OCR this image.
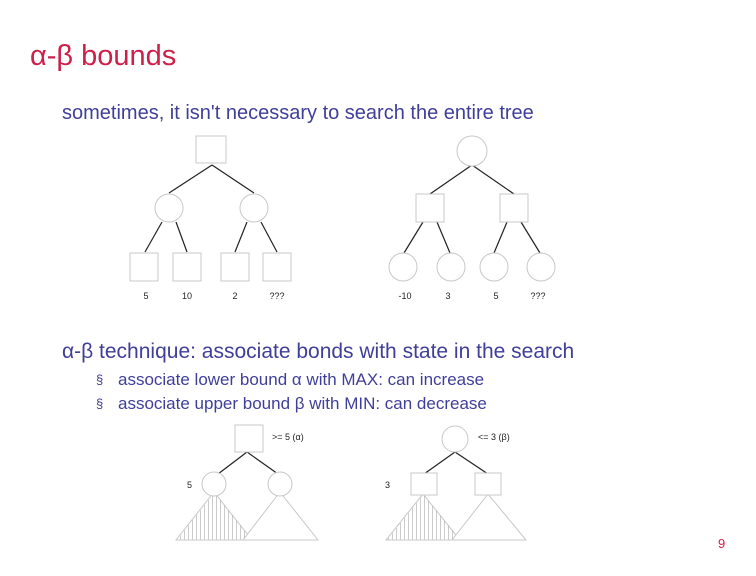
α-β bounds
sometimes, it isn't necessary to search the entire tree
5	10	2	???	-10	3	5	???
>= 5 (α)
5
<= 3 (β)
3
α-β technique: associate bonds with state in the search
§ associate lower bound α with MAX: can increase
§ associate upper bound β with MIN: can decrease
9
